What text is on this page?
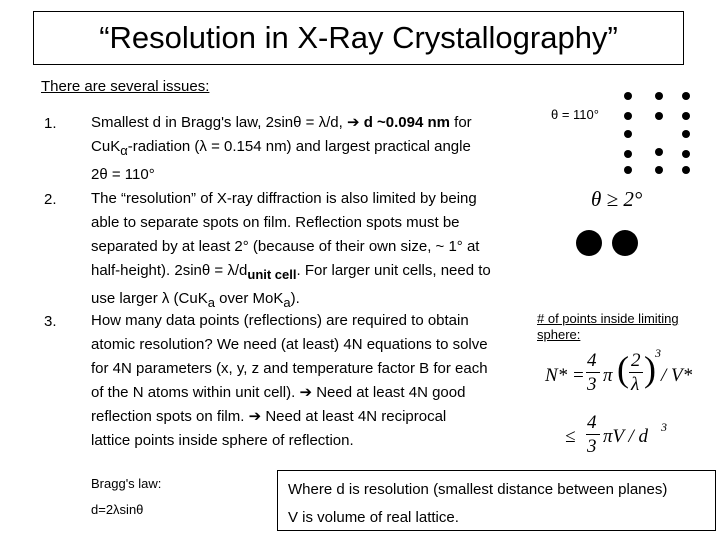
“Resolution in X-Ray Crystallography”
There are several issues:
1. Smallest d in Bragg's law, 2sinθ = λ/d, ➔ d ~0.094 nm for
CuK$_\alpha$-radiation (λ = 0.154 nm) and largest practical angle
2θ = 110°
2. The “resolution” of X-ray diffraction is also limited by being
able to separate spots on film. Reflection spots must be
separated by at least 2° (because of their own size, ~ 1° at
half-height). $2\sin\theta = \lambda/d_{unit cell}$. For larger unit cells, need to
use larger λ (CuK$_a$ over MoK$_a$).
3. How many data points (reflections) are required to obtain
atomic resolution? We need (at least) 4N equations to solve
for 4N parameters (x, y, z and temperature factor B for each
of the N atoms within unit cell). ➔ Need at least 4N good
reflection spots on film. ➔ Need at least 4N reciprocal
lattice points inside sphere of reflection.
θ = 110°
θ ≥ 2°
# of points inside limiting
sphere:
N* =
4
3 π ( 2
λ ) 3
/ V*
≤
4
3 πV / d 3
Bragg's law:
d=2λsinθ
Where d is resolution (smallest distance between planes)
V is volume of real lattice.
